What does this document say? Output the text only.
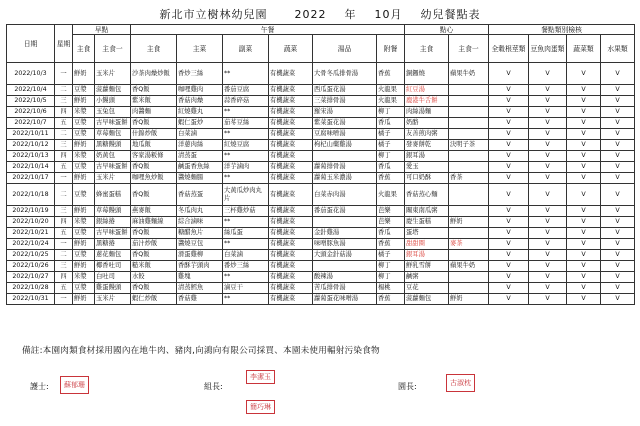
新北市立樹林幼兒園      2022    年    10月    幼兒餐點表
日期	星期	早點		午餐						點心		餐點類別檢核			
		主食	主食一	主食	主菜	副菜	蔬菜	湯品	附餐	主食	主食一	全穀根莖類	豆魚肉蛋類	蔬菜類	水果類
2022/10/3	一	鮮奶	玉米片	沙茶肉燥炒飯	香炒三絲	**	有機蔬菜	大骨冬瓜排骨湯	香蕉	銅鑼燒	蘋果牛奶	V	V	V	V
2022/10/4	二	豆漿	菠蘿麵包	香Q飯	咖哩雞肉	番茄豆腐	有機蔬菜	西瓜蛋花湯	火龍果	紅豆湯		V	V	V	V
2022/10/5	三	鮮奶	小饅頭	紫米飯	香菇肉燥	蒜香碎菇	有機蔬菜	三菜排骨湯	火龍果	鹿港牛舌餅		V	V	V	V
2022/10/6	四	米漿	玉兔包	肉醬麵	紅燒雞丸	**	有機蔬菜	羅宋湯	柳丁	肉絲湯麵		V	V	V	V
2022/10/7	五	豆漿	古早味蛋餅	香Q飯	蝦仁蛋炒	茄苳豆絲	有機蔬菜	紫菜蛋花湯	香瓜	奶酪		V	V	V	V
2022/10/11	二	豆漿	草莓麵包	什錦炒飯	白菜滷	**	有機蔬菜	豆腐味噌湯	橘子	友善煎肉粥		V	V	V	V
2022/10/12	三	鮮奶	黑糖饅頭	地瓜飯	洋蔥肉絲	紅燒豆腐	有機蔬菜	枸杞山藥雞湯	橘子	發麥餅乾	決明子茶	V	V	V	V
2022/10/13	四	米漿	奶黃包	客家湯粄條	清蒸蛋	**	有機蔬菜		柳丁	銀耳湯		V	V	V	V
2022/10/14	五	豆漿	古早味蛋餅	香Q飯	鹹蛋香魚絲	洋芋滷肉	有機蔬菜	蘿蔔排骨湯	香瓜	愛玉		V	V	V	V
2022/10/17	一	鮮奶	玉米片	咖哩魚炒飯	醬燒麵腸	**	有機蔬菜	蘿蔔玉米濃湯	香蕉	可口奶酥	香茶	V	V	V	V
2022/10/18	二	豆漿	蜂蜜蛋糕	香Q飯	香菇蒸蛋	大黃瓜炒肉丸片	有機蔬菜	白菜赤肉湯	火龍果	香菇蒸心麵		V	V	V	V
2022/10/19	三	鮮奶	草莓饅頭	燕麥飯	冬瓜肉丸	三杯雞炒菇	有機蔬菜	番茄蛋花湯	芭樂	關東南瓜粥		V	V	V	V
2022/10/20	四	米漿	銀絲捲	麻油雞麵線	綜合滷味	**	有機蔬菜		芭樂	慶生蛋糕	鮮奶	V	V	V	V
2022/10/21	五	豆漿	古早味蛋餅	香Q飯	糖醋魚片	絲瓜蛋	有機蔬菜	金針雞湯	香瓜	蛋塔		V	V	V	V
2022/10/24	一	鮮奶	黑糖捲	茄汁炒飯	醬燒豆包	**	有機蔬菜	味噌豚魚湯	香蕉	甜甜圈	麥茶	V	V	V	V
2022/10/25	二	豆漿	蔥花麵包	香Q飯	滑蛋雞柳	白菜滷	有機蔬菜	大頭金針菇湯	橘子	銀耳湯		V	V	V	V
2022/10/26	三	鮮奶	椰香吐司	糙米飯	香酥芋頭肉	番炒三絲	有機蔬菜		柳丁	鮮乳雪餅	蘋果牛奶	V	V	V	V
2022/10/27	四	米漿	白吐司	水餃	雞塊	**	有機蔬菜	酸辣湯	柳丁	鹹粥		V	V	V	V
2022/10/28	五	豆漿	雞蛋饅頭	香Q飯	清蒸鱈魚	滷豆干	有機蔬菜	苦瓜排骨湯	楊桃	豆花		V	V	V	V
2022/10/31	一	鮮奶	玉米片	蝦仁炒飯	香菇雞	**	有機蔬菜	蘿蔔蛋花味噌湯	香蕉	菠蘿麵包	鮮奶	V	V	V	V
備註:本園肉類食材採用國內在地牛肉、豬肉,向鴻向有限公司採買、本園未使用輻射污染食物
護士:	蘇郁珊	組長:
李潔玉
簡巧琳
園長:	古淑枕
